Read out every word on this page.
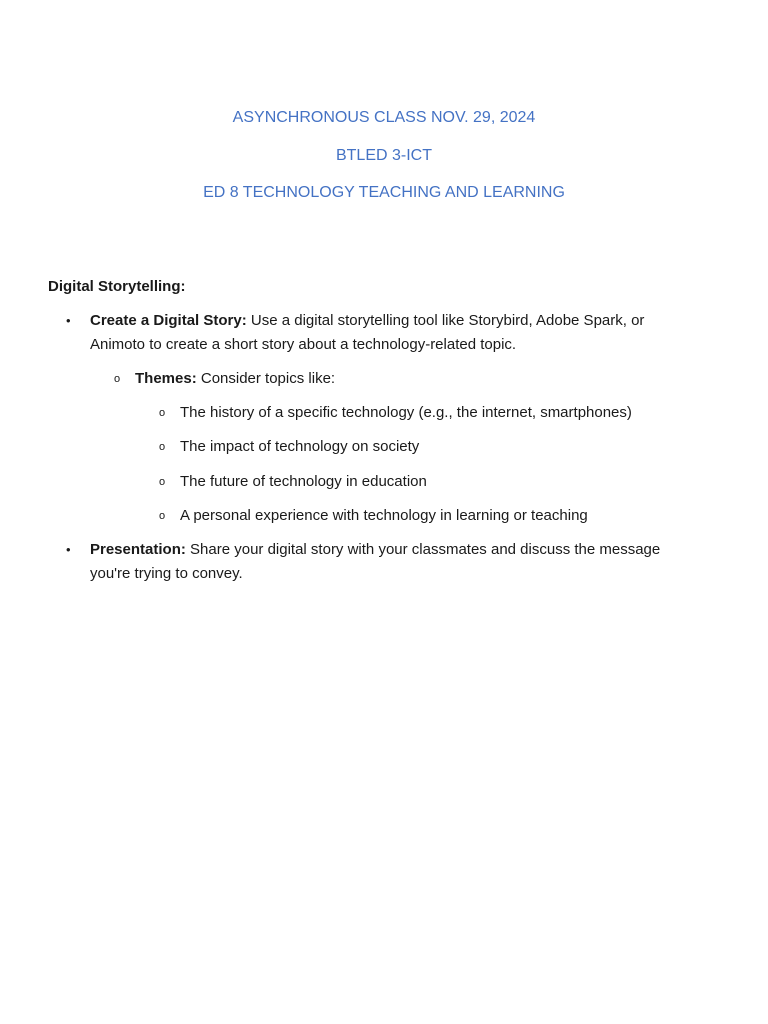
ASYNCHRONOUS CLASS NOV. 29, 2024
BTLED 3-ICT
ED 8 TECHNOLOGY TEACHING AND LEARNING
Digital Storytelling:
• Create a Digital Story: Use a digital storytelling tool like Storybird, Adobe Spark, or
Animoto to create a short story about a technology-related topic.
o Themes: Consider topics like:
o The history of a specific technology (e.g., the internet, smartphones)
o The impact of technology on society
o The future of technology in education
o A personal experience with technology in learning or teaching
• Presentation: Share your digital story with your classmates and discuss the message
you're trying to convey.
